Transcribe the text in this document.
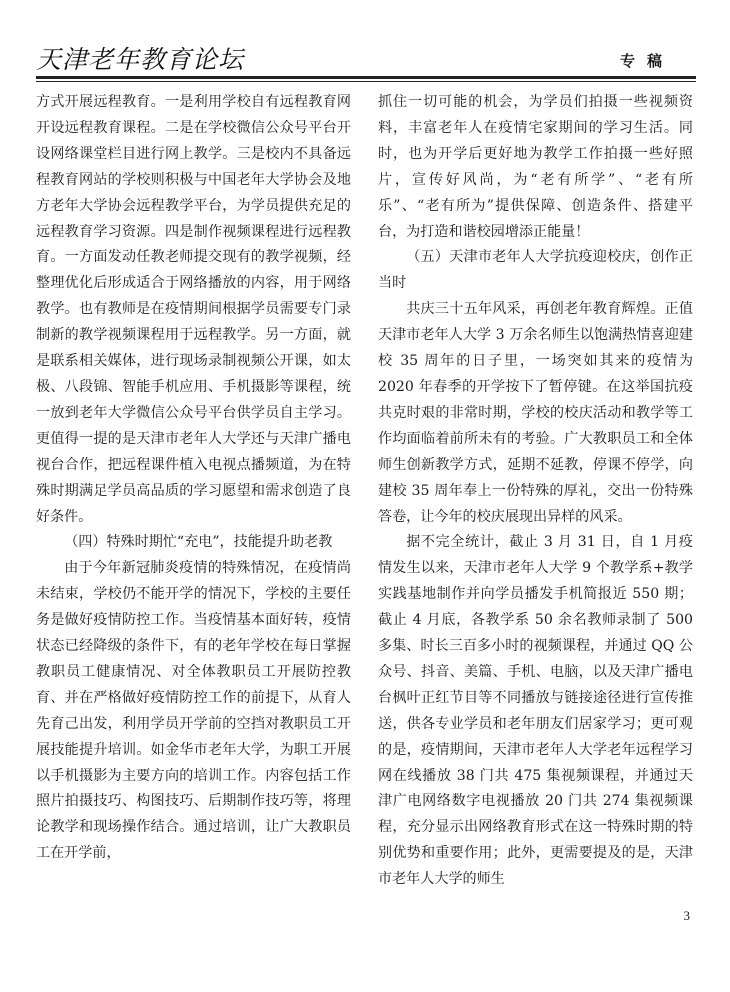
天津老年教育论坛	专稿

方式开展远程教育。一是利用学校自有远程教育网开设远程教育课程。二是在学校微信公众号平台开设网络课堂栏目进行网上教学。三是校内不具备远程教育网站的学校则积极与中国老年大学协会及地方老年大学协会远程教学平台，为学员提供充足的远程教育学习资源。四是制作视频课程进行远程教育。一方面发动任教老师提交现有的教学视频，经整理优化后形成适合于网络播放的内容，用于网络教学。也有教师是在疫情期间根据学员需要专门录制新的教学视频课程用于远程教学。另一方面，就是联系相关媒体，进行现场录制视频公开课，如太极、八段锦、智能手机应用、手机摄影等课程，统一放到老年大学微信公众号平台供学员自主学习。更值得一提的是天津市老年人大学还与天津广播电视台合作，把远程课件植入电视点播频道，为在特殊时期满足学员高品质的学习愿望和需求创造了良好条件。

（四）特殊时期忙“充电”，技能提升助老教

由于今年新冠肺炎疫情的特殊情况，在疫情尚未结束，学校仍不能开学的情况下，学校的主要任务是做好疫情防控工作。当疫情基本面好转，疫情状态已经降级的条件下，有的老年学校在每日掌握教职员工健康情况、对全体教职员工开展防控教育、并在严格做好疫情防控工作的前提下，从育人先育己出发，利用学员开学前的空挡对教职员工开展技能提升培训。如金华市老年大学，为职工开展以手机摄影为主要方向的培训工作。内容包括工作照片拍摄技巧、构图技巧、后期制作技巧等，将理论教学和现场操作结合。通过培训，让广大教职员工在开学前，

抓住一切可能的机会，为学员们拍摄一些视频资料，丰富老年人在疫情宅家期间的学习生活。同时，也为开学后更好地为教学工作拍摄一些好照片，宣传好风尚，为“老有所学”、“老有所乐”、“老有所为”提供保障、创造条件、搭建平台，为打造和谐校园增添正能量！

（五）天津市老年人大学抗疫迎校庆，创作正当时

共庆三十五年风采，再创老年教育辉煌。正值天津市老年人大学 3 万余名师生以饱满热情喜迎建校 35 周年的日子里，一场突如其来的疫情为 2020 年春季的开学按下了暂停键。在这举国抗疫共克时艰的非常时期，学校的校庆活动和教学等工作均面临着前所未有的考验。广大教职员工和全体师生创新教学方式，延期不延教，停课不停学，向建校 35 周年奉上一份特殊的厚礼，交出一份特殊答卷，让今年的校庆展现出异样的风采。

据不完全统计，截止 3 月 31 日，自 1 月疫情发生以来，天津市老年人大学 9 个教学系+教学实践基地制作并向学员播发手机简报近 550 期；截止 4 月底，各教学系 50 余名教师录制了 500 多集、时长三百多小时的视频课程，并通过 QQ 公众号、抖音、美篇、手机、电脑，以及天津广播电台枫叶正红节目等不同播放与链接途径进行宣传推送，供各专业学员和老年朋友们居家学习；更可观的是，疫情期间，天津市老年人大学老年远程学习网在线播放 38 门共 475 集视频课程，并通过天津广电网络数字电视播放 20 门共 274 集视频课程，充分显示出网络教育形式在这一特殊时期的特别优势和重要作用；此外，更需要提及的是，天津市老年人大学的师生

3
